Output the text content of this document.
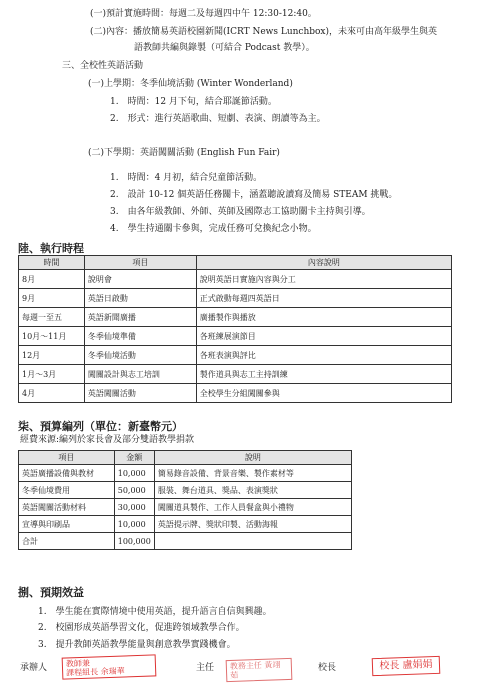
(一)預計實施時間：每週二及每週四中午 12:30-12:40。
(二)內容：播放簡易英語校園新聞(ICRT News Lunchbox)，未來可由高年級學生與英
語教師共編與錄製（可結合 Podcast 教學）。
三、全校性英語活動
(一)上學期：冬季仙境活動 (Winter Wonderland)
1.　時間：12 月下旬，結合耶誕節活動。
2.　形式：進行英語歌曲、短劇、表演、朗讀等為主。
(二)下學期：英語闖關活動 (English Fun Fair)
1.　時間：4 月初，結合兒童節活動。
2.　設計 10-12 個英語任務關卡，涵蓋聽說讀寫及簡易 STEAM 挑戰。
3.　由各年級教師、外師、英師及國際志工協助關卡主持與引導。
4.　學生持通關卡參與，完成任務可兌換紀念小物。
陸、執行時程
時間	項目	內容說明
8月	說明會	說明英語日實施內容與分工
9月	英語日啟動	正式啟動每週四英語日
每週一至五	英語新聞廣播	廣播製作與播放
10月～11月	冬季仙境準備	各班練展演節目
12月	冬季仙境活動	各班表演與評比
1月～3月	闖關設計與志工培訓	製作道具與志工主持訓練
4月	英語闖關活動	全校學生分組闖關參與
柒、預算編列（單位：新臺幣元）
經費來源:編列於家長會及部分雙語教學捐款
項目	金額	說明
英語廣播設備與教材	10,000	簡易錄音設備、背景音樂、製作素材等
冬季仙境費用	50,000	服裝、舞台道具、獎品、表演獎狀
英語闖關活動材料	30,000	闖關道具製作、工作人員餐盒與小禮物
宣導與印刷品	10,000	英語提示牌、獎狀印製、活動海報
合計	100,000	
捌、預期效益
1.　學生能在實際情境中使用英語，提升語言自信與興趣。
2.　校園形成英語學習文化，促進跨領域教學合作。
3.　提升教師英語教學能量與創意教學實踐機會。
承辦人	教師兼
課程組長 余瑞華	主任	教務主任 黃翊茹
校長	校長 盧娟娟
